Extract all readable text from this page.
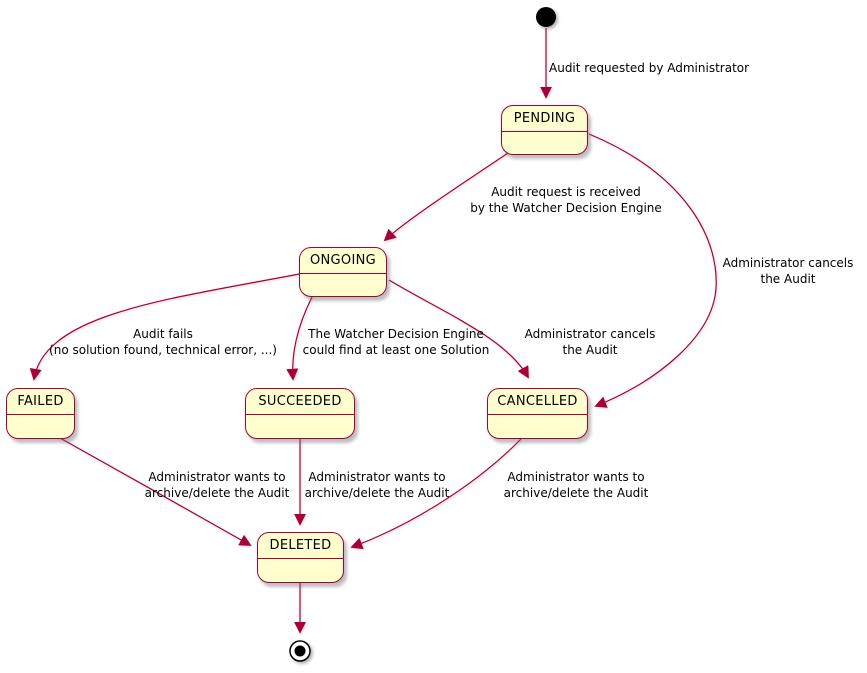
PENDING
ONGOING
FAILED	SUCCEEDED	CANCELLED
DELETED
Audit requested by Administrator
Audit request is received
by the Watcher Decision Engine
Audit fails
(no solution found, technical error, ...)
The Watcher Decision Engine
could find at least one Solution
Administrator cancels
the Audit
Administrator cancels
the Audit
Administrator wants to
archive/delete the Audit
Administrator wants to
archive/delete the Audit
Administrator wants to
archive/delete the Audit
